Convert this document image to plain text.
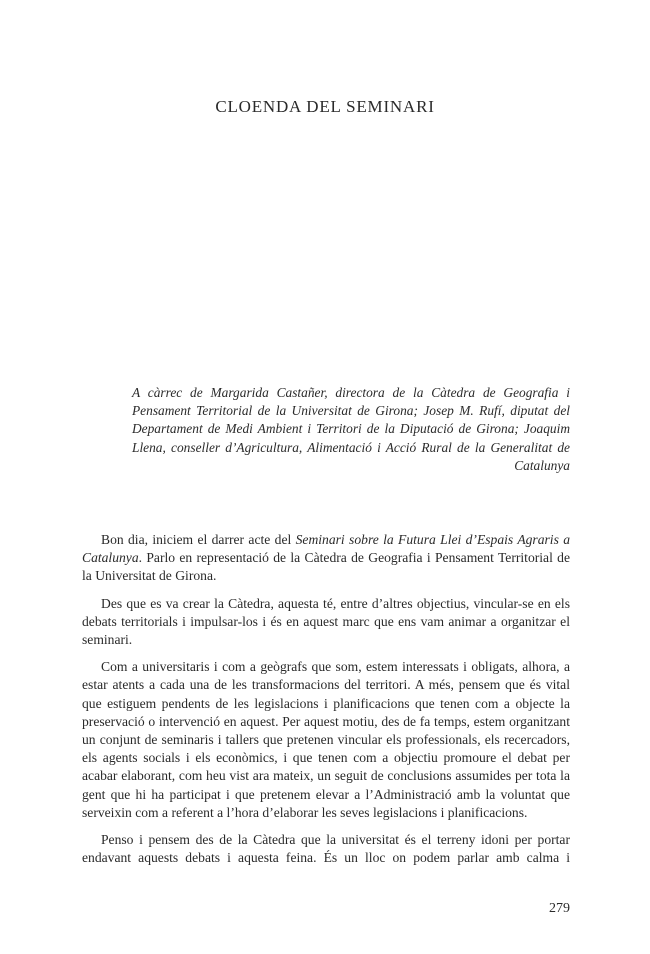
CLOENDA DEL SEMINARI
A càrrec de Margarida Castañer, directora de la Càtedra de Geografia i Pensament Territorial de la Universitat de Girona; Josep M. Rufí, diputat del Departament de Medi Ambient i Territori de la Diputació de Girona; Joaquim Llena, conseller d’Agricultura, Alimentació i Acció Rural de la Generalitat de Catalunya

Bon dia, iniciem el darrer acte del Seminari sobre la Futura Llei d’Espais Agraris a Catalunya. Parlo en representació de la Càtedra de Geografia i Pensament Territorial de la Universitat de Girona.

Des que es va crear la Càtedra, aquesta té, entre d’altres objectius, vincular-se en els debats territorials i impulsar-los i és en aquest marc que ens vam animar a organitzar el seminari.

Com a universitaris i com a geògrafs que som, estem interessats i obligats, alhora, a estar atents a cada una de les transformacions del territori. A més, pensem que és vital que estiguem pendents de les legislacions i planificacions que tenen com a objecte la preservació o intervenció en aquest. Per aquest motiu, des de fa temps, estem organitzant un conjunt de seminaris i tallers que pretenen vincular els professionals, els recercadors, els agents socials i els econòmics, i que tenen com a objectiu promoure el debat per acabar elaborant, com heu vist ara mateix, un seguit de conclusions assumides per tota la gent que hi ha participat i que pretenem elevar a l’Administració amb la voluntat que serveixin com a referent a l’hora d’elaborar les seves legislacions i planificacions.

Penso i pensem des de la Càtedra que la universitat és el terreny idoni per portar endavant aquests debats i aquesta feina. És un lloc on podem parlar amb calma i

279
